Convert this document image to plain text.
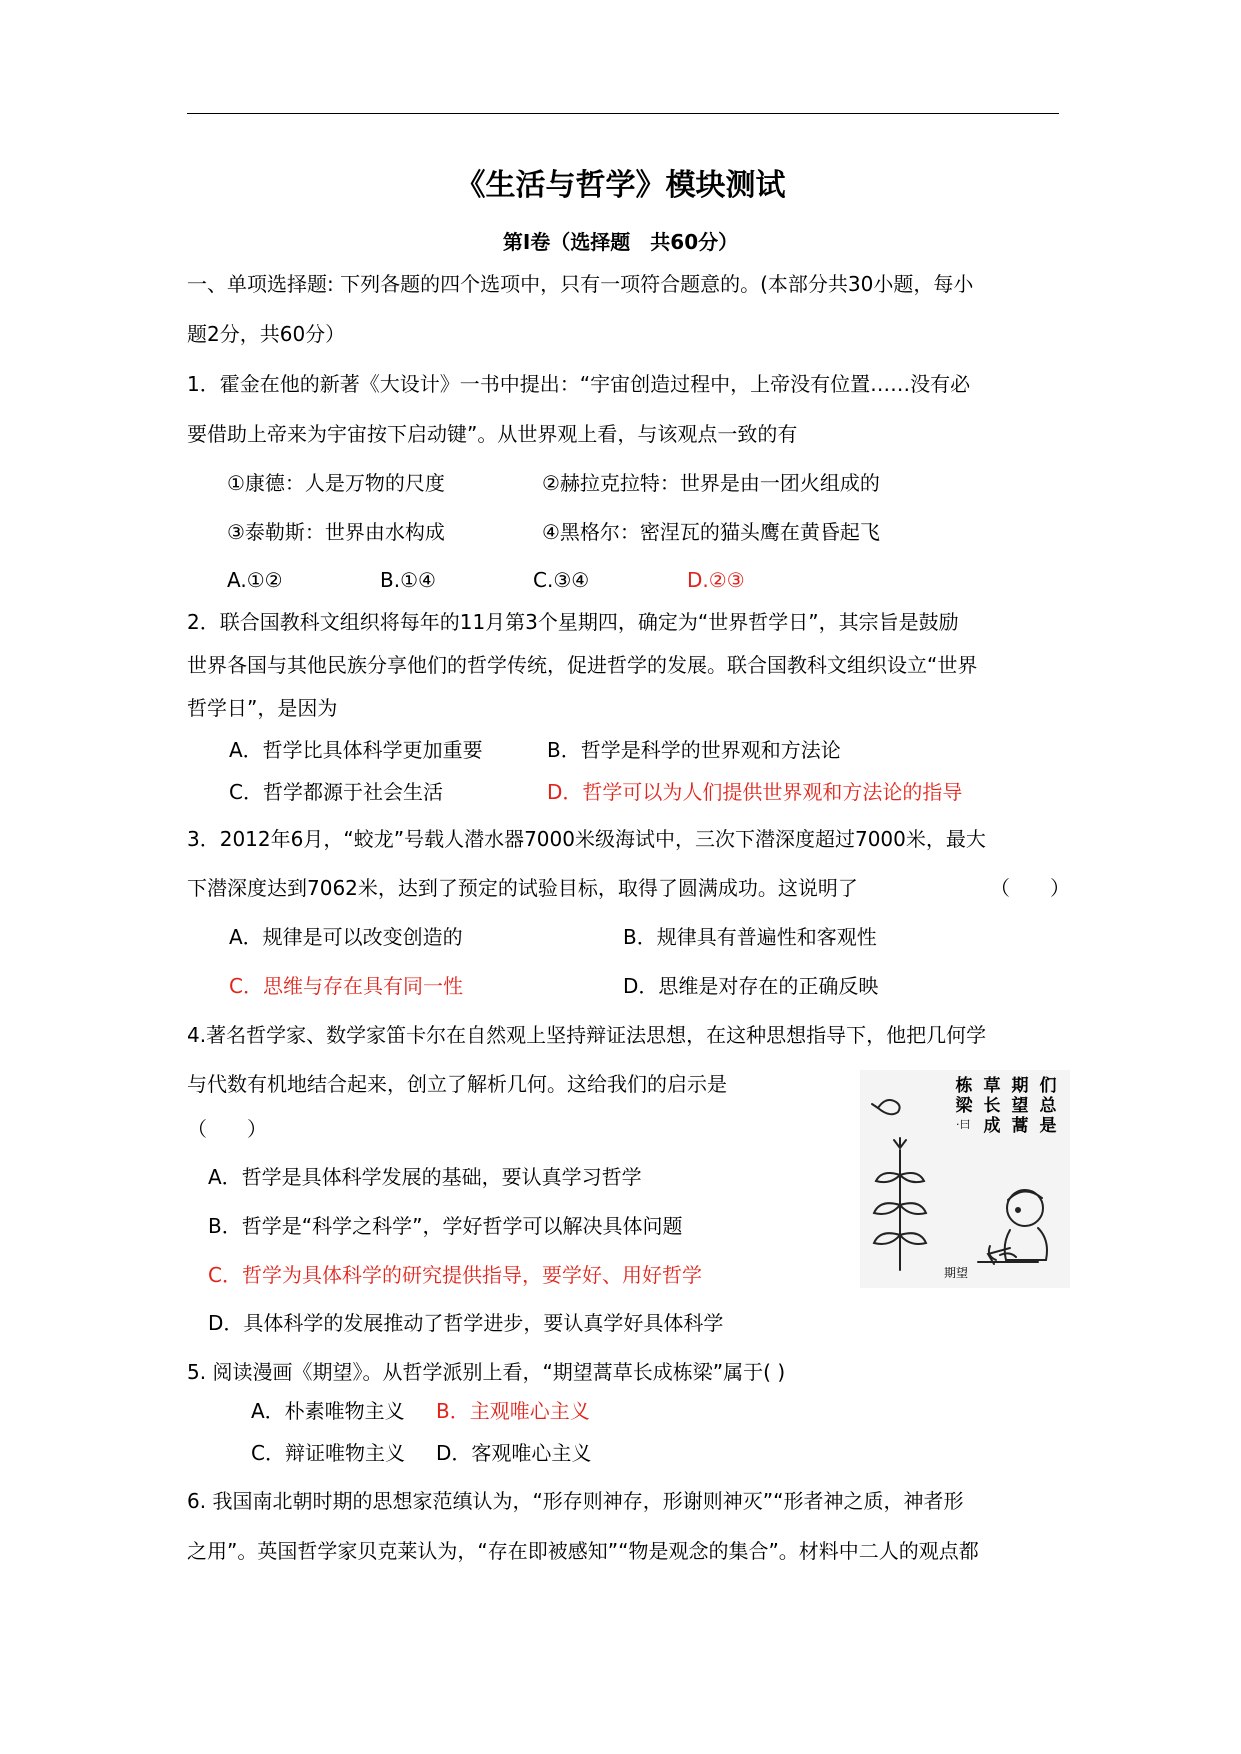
《生活与哲学》模块测试
第Ⅰ卷（选择题　共60分）
一、单项选择题: 下列各题的四个选项中，只有一项符合题意的。(本部分共30小题，每小
题2分，共60分）
1．霍金在他的新著《大设计》一书中提出：“宇宙创造过程中，上帝没有位置……没有必
要借助上帝来为宇宙按下启动键”。从世界观上看，与该观点一致的有
①康德：人是万物的尺度	②赫拉克拉特：世界是由一团火组成的
③泰勒斯：世界由水构成	④黑格尔：密涅瓦的猫头鹰在黄昏起飞
A.①②	B.①④	C.③④	D.②③
2．联合国教科文组织将每年的11月第3个星期四，确定为“世界哲学日”，其宗旨是鼓励
世界各国与其他民族分享他们的哲学传统，促进哲学的发展。联合国教科文组织设立“世界
哲学日”，是因为
A．哲学比具体科学更加重要	B．哲学是科学的世界观和方法论
C．哲学都源于社会生活	D．哲学可以为人们提供世界观和方法论的指导
3．2012年6月，“蛟龙”号载人潜水器7000米级海试中，三次下潜深度超过7000米，最大
下潜深度达到7062米，达到了预定的试验目标，取得了圆满成功。这说明了	（　　）
A．规律是可以改变创造的	B．规律具有普遍性和客观性
C．思维与存在具有同一性	D．思维是对存在的正确反映
4.著名哲学家、数学家笛卡尔在自然观上坚持辩证法思想，在这种思想指导下，他把几何学
与代数有机地结合起来，创立了解析几何。这给我们的启示是
（　　）
A．哲学是具体科学发展的基础，要认真学习哲学
B．哲学是“科学之科学”，学好哲学可以解决具体问题
C．哲学为具体科学的研究提供指导，要学好、用好哲学
D．具体科学的发展推动了哲学进步，要认真学好具体科学
们总是
期望蒿
草长成
栋梁
·曰
期望
5. 阅读漫画《期望》。从哲学派别上看，“期望蒿草长成栋梁”属于( )
A．朴素唯物主义 B．主观唯心主义
C．辩证唯物主义 D．客观唯心主义
6. 我国南北朝时期的思想家范缜认为，“形存则神存，形谢则神灭”“形者神之质，神者形
之用”。英国哲学家贝克莱认为，“存在即被感知”“物是观念的集合”。材料中二人的观点都
